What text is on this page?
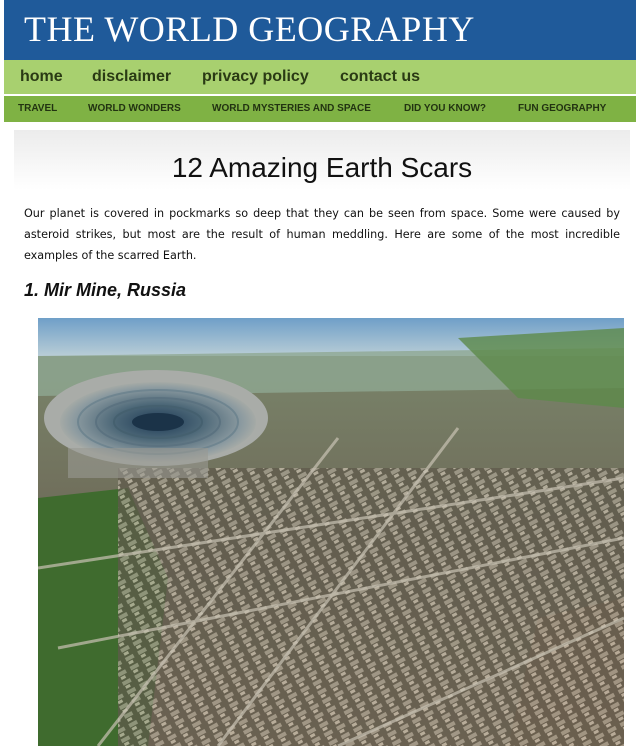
THE WORLD GEOGRAPHY
home disclaimer privacy policy contact us
TRAVEL	WORLD WONDERS	WORLD MYSTERIES AND SPACE	DID YOU KNOW?	FUN GEOGRAPHY
12 Amazing Earth Scars

Our planet is covered in pockmarks so deep that they can be seen from space. Some were caused by asteroid strikes, but most are the result of human meddling. Here are some of the most incredible examples of the scarred Earth.

1. Mir Mine, Russia
